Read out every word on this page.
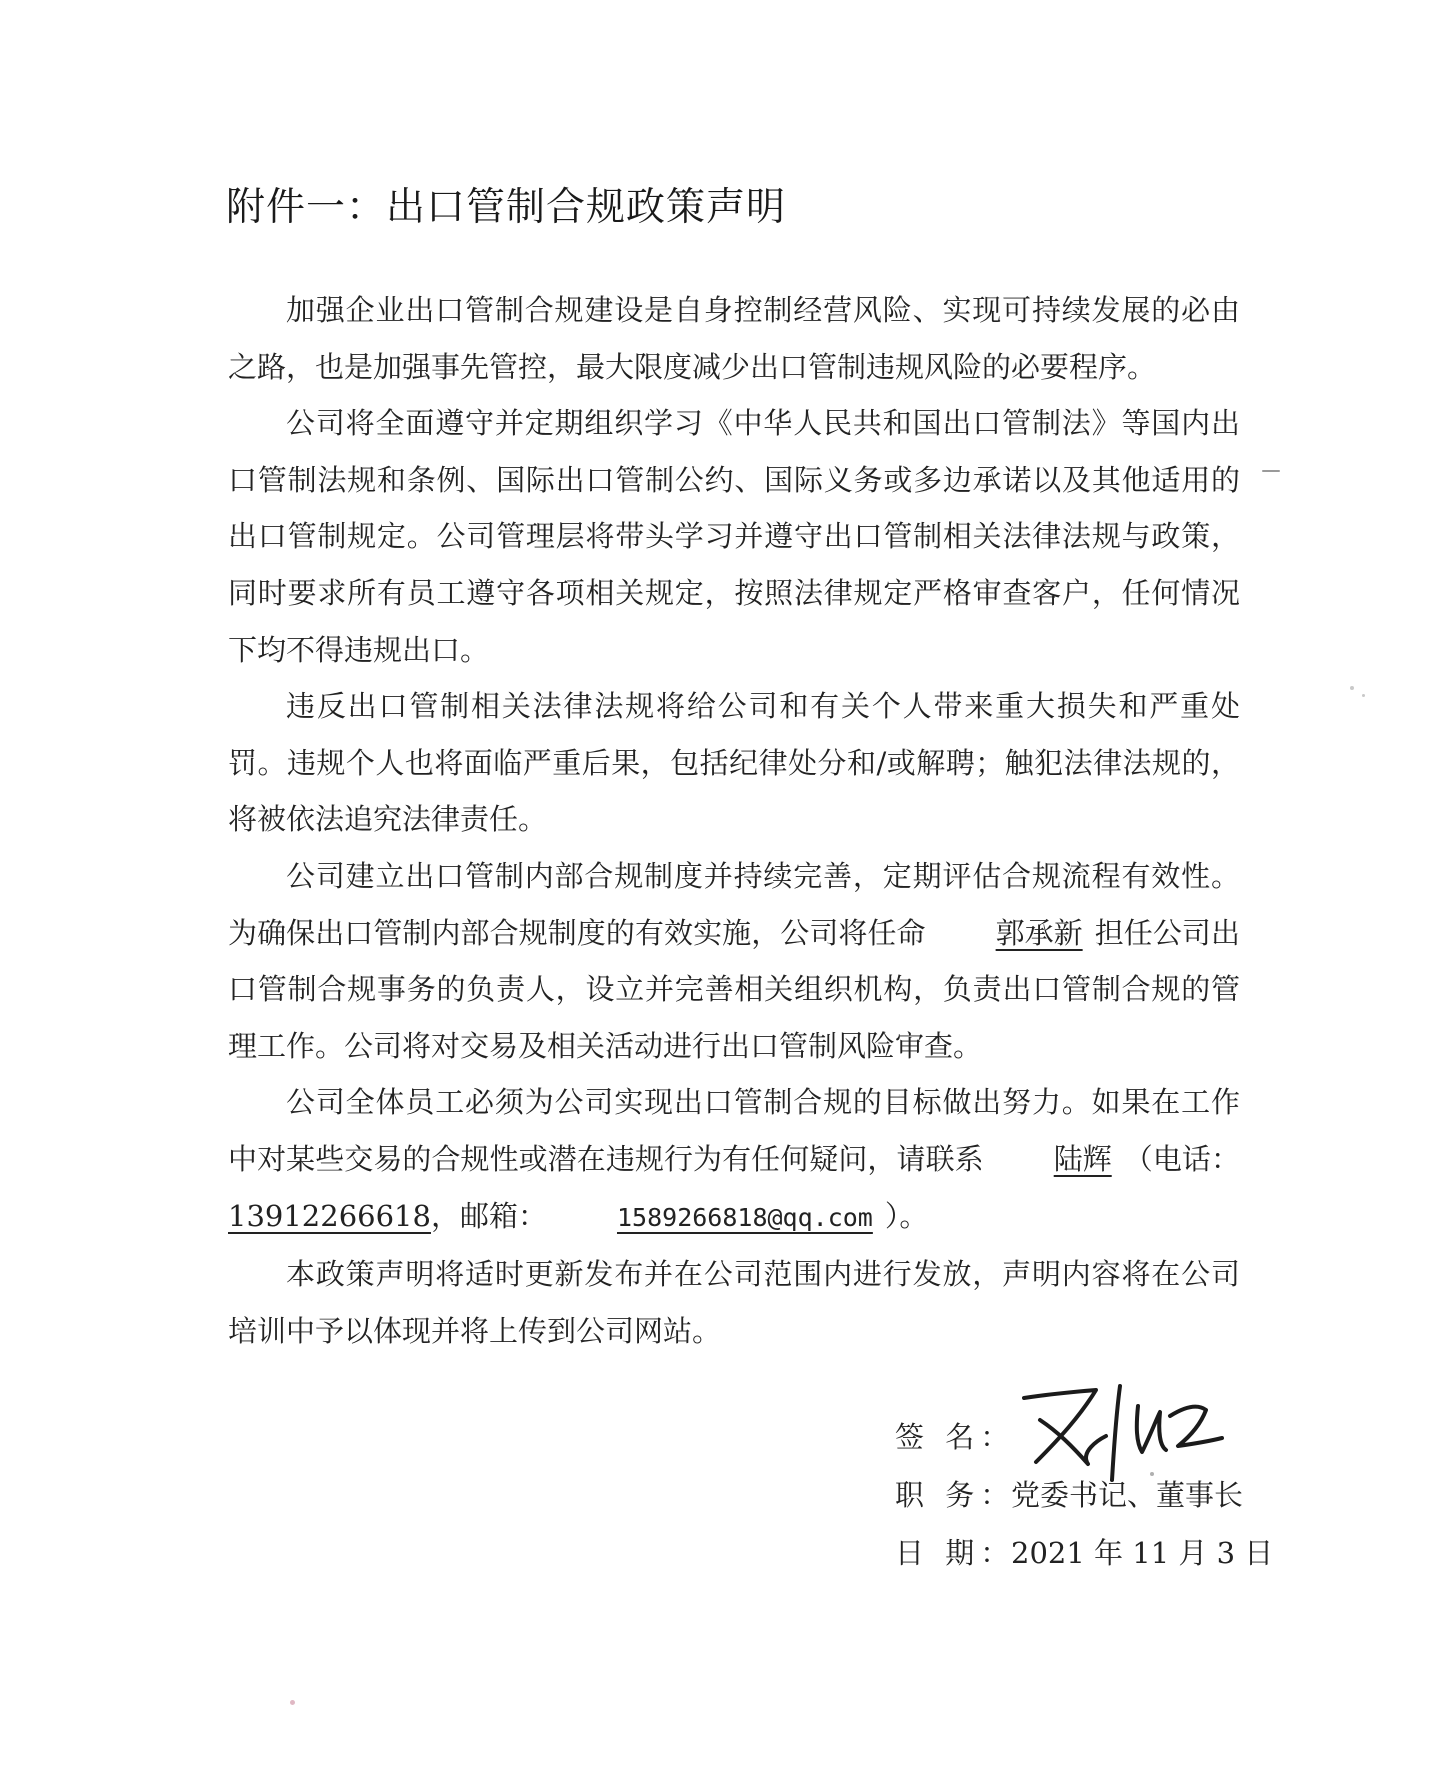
附件一：出口管制合规政策声明

加强企业出口管制合规建设是自身控制经营风险、实现可持续发展的必由之路，也是加强事先管控，最大限度减少出口管制违规风险的必要程序。

公司将全面遵守并定期组织学习《中华人民共和国出口管制法》等国内出口管制法规和条例、国际出口管制公约、国际义务或多边承诺以及其他适用的出口管制规定。公司管理层将带头学习并遵守出口管制相关法律法规与政策，同时要求所有员工遵守各项相关规定，按照法律规定严格审查客户，任何情况下均不得违规出口。

违反出口管制相关法律法规将给公司和有关个人带来重大损失和严重处罚。违规个人也将面临严重后果，包括纪律处分和/或解聘；触犯法律法规的，将被依法追究法律责任。

公司建立出口管制内部合规制度并持续完善，定期评估合规流程有效性。为确保出口管制内部合规制度的有效实施，公司将任命 郭承新 担任公司出口管制合规事务的负责人，设立并完善相关组织机构，负责出口管制合规的管理工作。公司将对交易及相关活动进行出口管制风险审查。

公司全体员工必须为公司实现出口管制合规的目标做出努力。如果在工作中对某些交易的合规性或潜在违规行为有任何疑问，请联系 陆辉 （电话：13912266618，邮箱：	1589266818@qq.com ）。

本政策声明将适时更新发布并在公司范围内进行发放，声明内容将在公司培训中予以体现并将上传到公司网站。

签 名：
职 务：党委书记、董事长
日 期：2021 年 11 月 3 日
